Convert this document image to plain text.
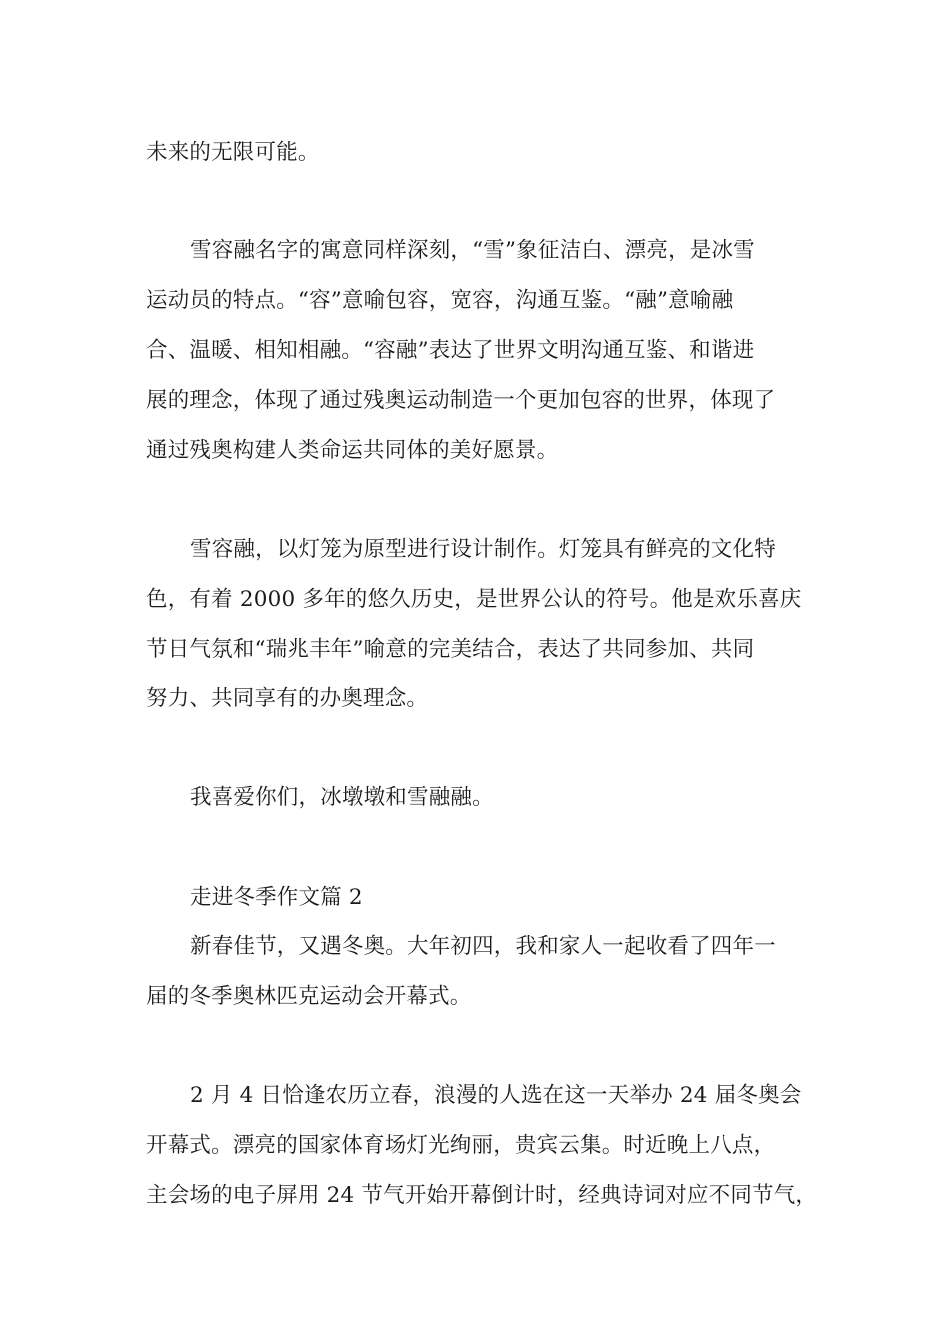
未来的无限可能。
雪容融名字的寓意同样深刻，“雪”象征洁白、漂亮，是冰雪
运动员的特点。“容”意喻包容，宽容，沟通互鉴。“融”意喻融
合、温暖、相知相融。“容融”表达了世界文明沟通互鉴、和谐进
展的理念，体现了通过残奥运动制造一个更加包容的世界，体现了
通过残奥构建人类命运共同体的美好愿景。
雪容融，以灯笼为原型进行设计制作。灯笼具有鲜亮的文化特
色，有着 2000 多年的悠久历史，是世界公认的符号。他是欢乐喜庆
节日气氛和“瑞兆丰年”喻意的完美结合，表达了共同参加、共同
努力、共同享有的办奥理念。
我喜爱你们，冰墩墩和雪融融。
走进冬季作文篇 2
新春佳节，又遇冬奥。大年初四，我和家人一起收看了四年一
届的冬季奥林匹克运动会开幕式。
2 月 4 日恰逢农历立春，浪漫的人选在这一天举办 24 届冬奥会
开幕式。漂亮的国家体育场灯光绚丽，贵宾云集。时近晚上八点，
主会场的电子屏用 24 节气开始开幕倒计时，经典诗词对应不同节气，
